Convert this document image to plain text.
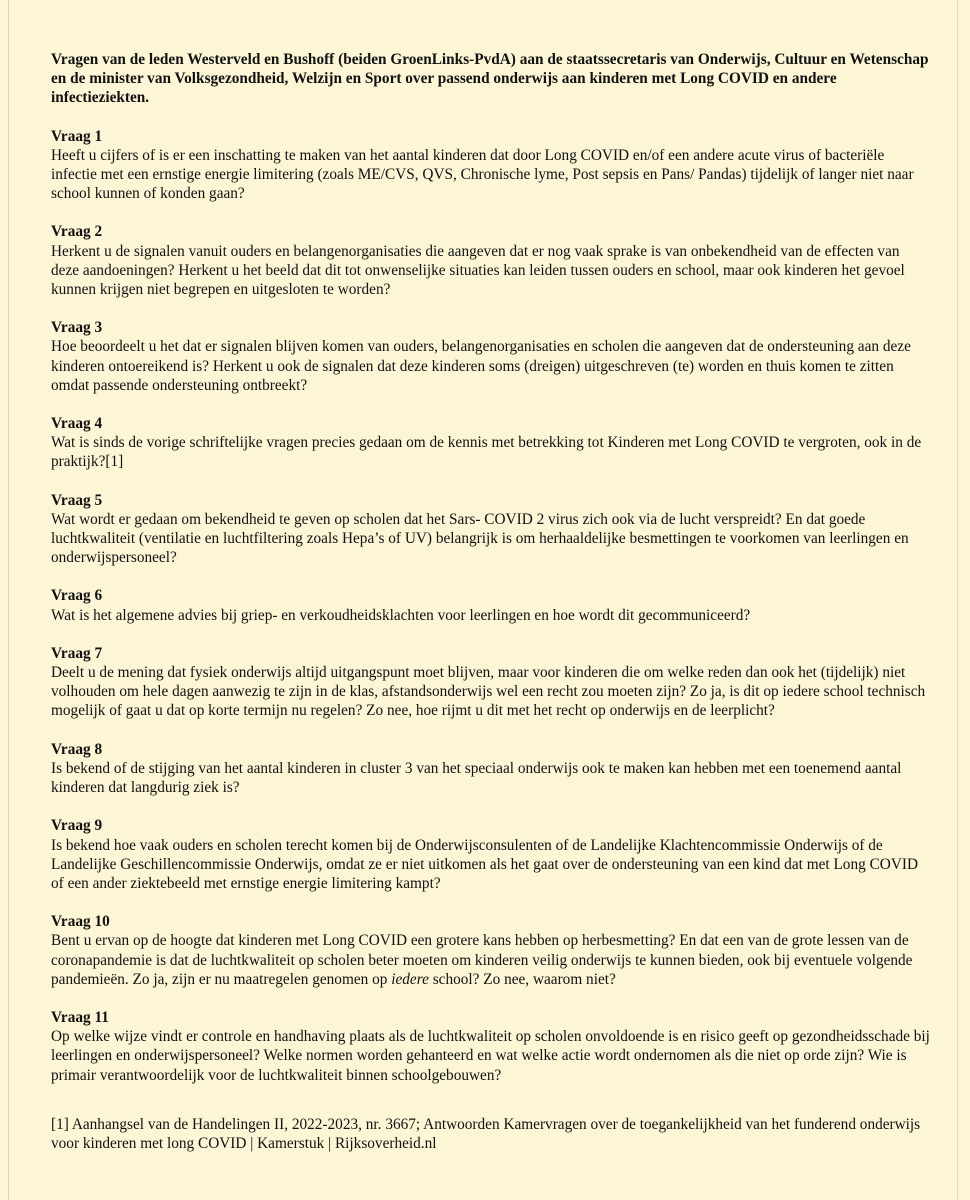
Vragen van de leden Westerveld en Bushoff (beiden GroenLinks-PvdA) aan de staatssecretaris van Onderwijs, Cultuur en Wetenschap en de minister van Volksgezondheid, Welzijn en Sport over passend onderwijs aan kinderen met Long COVID en andere infectieziekten.

Vraag 1
Heeft u cijfers of is er een inschatting te maken van het aantal kinderen dat door Long COVID en/of een andere acute virus of bacteriële infectie met een ernstige energie limitering (zoals ME/CVS, QVS, Chronische lyme, Post sepsis en Pans/ Pandas) tijdelijk of langer niet naar school kunnen of konden gaan?
Vraag 2
Herkent u de signalen vanuit ouders en belangenorganisaties die aangeven dat er nog vaak sprake is van onbekendheid van de effecten van deze aandoeningen? Herkent u het beeld dat dit tot onwenselijke situaties kan leiden tussen ouders en school, maar ook kinderen het gevoel kunnen krijgen niet begrepen en uitgesloten te worden?
Vraag 3
Hoe beoordeelt u het dat er signalen blijven komen van ouders, belangenorganisaties en scholen die aangeven dat de ondersteuning aan deze kinderen ontoereikend is? Herkent u ook de signalen dat deze kinderen soms (dreigen) uitgeschreven (te) worden en thuis komen te zitten omdat passende ondersteuning ontbreekt?
Vraag 4
Wat is sinds de vorige schriftelijke vragen precies gedaan om de kennis met betrekking tot Kinderen met Long COVID te vergroten, ook in de praktijk?[1]
Vraag 5
Wat wordt er gedaan om bekendheid te geven op scholen dat het Sars- COVID 2 virus zich ook via de lucht verspreidt? En dat goede luchtkwaliteit (ventilatie en luchtfiltering zoals Hepa’s of UV) belangrijk is om herhaaldelijke besmettingen te voorkomen van leerlingen en onderwijspersoneel?
Vraag 6
Wat is het algemene advies bij griep- en verkoudheidsklachten voor leerlingen en hoe wordt dit gecommuniceerd?
Vraag 7
Deelt u de mening dat fysiek onderwijs altijd uitgangspunt moet blijven, maar voor kinderen die om welke reden dan ook het (tijdelijk) niet volhouden om hele dagen aanwezig te zijn in de klas, afstandsonderwijs wel een recht zou moeten zijn? Zo ja, is dit op iedere school technisch mogelijk of gaat u dat op korte termijn nu regelen? Zo nee, hoe rijmt u dit met het recht op onderwijs en de leerplicht?
Vraag 8
Is bekend of de stijging van het aantal kinderen in cluster 3 van het speciaal onderwijs ook te maken kan hebben met een toenemend aantal kinderen dat langdurig ziek is?
Vraag 9
Is bekend hoe vaak ouders en scholen terecht komen bij de Onderwijsconsulenten of de Landelijke Klachtencommissie Onderwijs of de Landelijke Geschillencommissie Onderwijs, omdat ze er niet uitkomen als het gaat over de ondersteuning van een kind dat met Long COVID of een ander ziektebeeld met ernstige energie limitering kampt?
Vraag 10
Bent u ervan op de hoogte dat kinderen met Long COVID een grotere kans hebben op herbesmetting? En dat een van de grote lessen van de coronapandemie is dat de luchtkwaliteit op scholen beter moeten om kinderen veilig onderwijs te kunnen bieden, ook bij eventuele volgende pandemieën. Zo ja, zijn er nu maatregelen genomen op iedere school? Zo nee, waarom niet?
Vraag 11
Op welke wijze vindt er controle en handhaving plaats als de luchtkwaliteit op scholen onvoldoende is en risico geeft op gezondheidsschade bij leerlingen en onderwijspersoneel? Welke normen worden gehanteerd en wat welke actie wordt ondernomen als die niet op orde zijn? Wie is primair verantwoordelijk voor de luchtkwaliteit binnen schoolgebouwen?

[1] Aanhangsel van de Handelingen II, 2022-2023, nr. 3667; Antwoorden Kamervragen over de toegankelijkheid van het funderend onderwijs voor kinderen met long COVID | Kamerstuk | Rijksoverheid.nl
